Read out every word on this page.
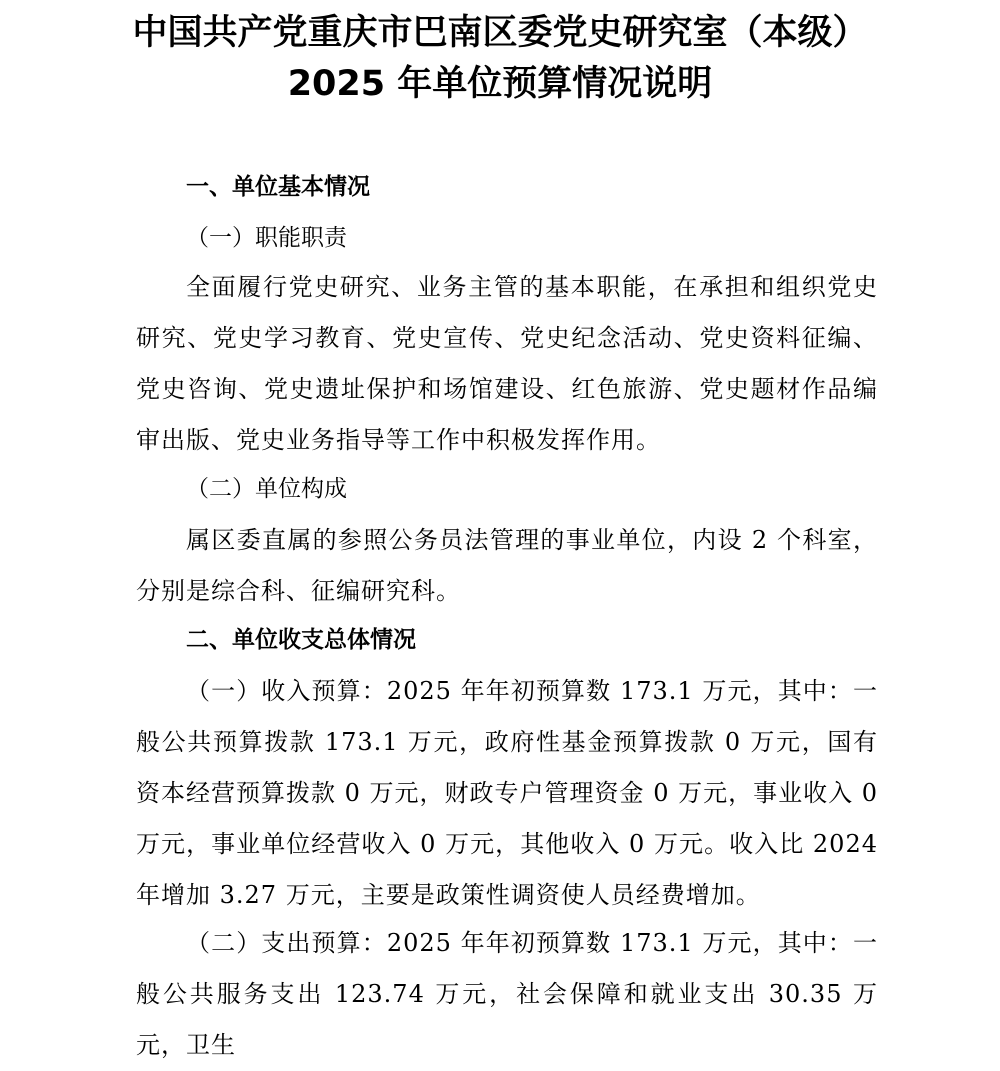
中国共产党重庆市巴南区委党史研究室（本级）
2025 年单位预算情况说明
一、单位基本情况
（一）职能职责
全面履行党史研究、业务主管的基本职能，在承担和组织党史研究、党史学习教育、党史宣传、党史纪念活动、党史资料征编、党史咨询、党史遗址保护和场馆建设、红色旅游、党史题材作品编审出版、党史业务指导等工作中积极发挥作用。
（二）单位构成
属区委直属的参照公务员法管理的事业单位，内设 2 个科室，分别是综合科、征编研究科。
二、单位收支总体情况
（一）收入预算：2025 年年初预算数 173.1 万元，其中：一般公共预算拨款 173.1 万元，政府性基金预算拨款 0 万元，国有资本经营预算拨款 0 万元，财政专户管理资金 0 万元，事业收入 0 万元，事业单位经营收入 0 万元，其他收入 0 万元。收入比 2024 年增加 3.27 万元，主要是政策性调资使人员经费增加。
（二）支出预算：2025 年年初预算数 173.1 万元，其中：一般公共服务支出 123.74 万元，社会保障和就业支出 30.35 万元，卫生
